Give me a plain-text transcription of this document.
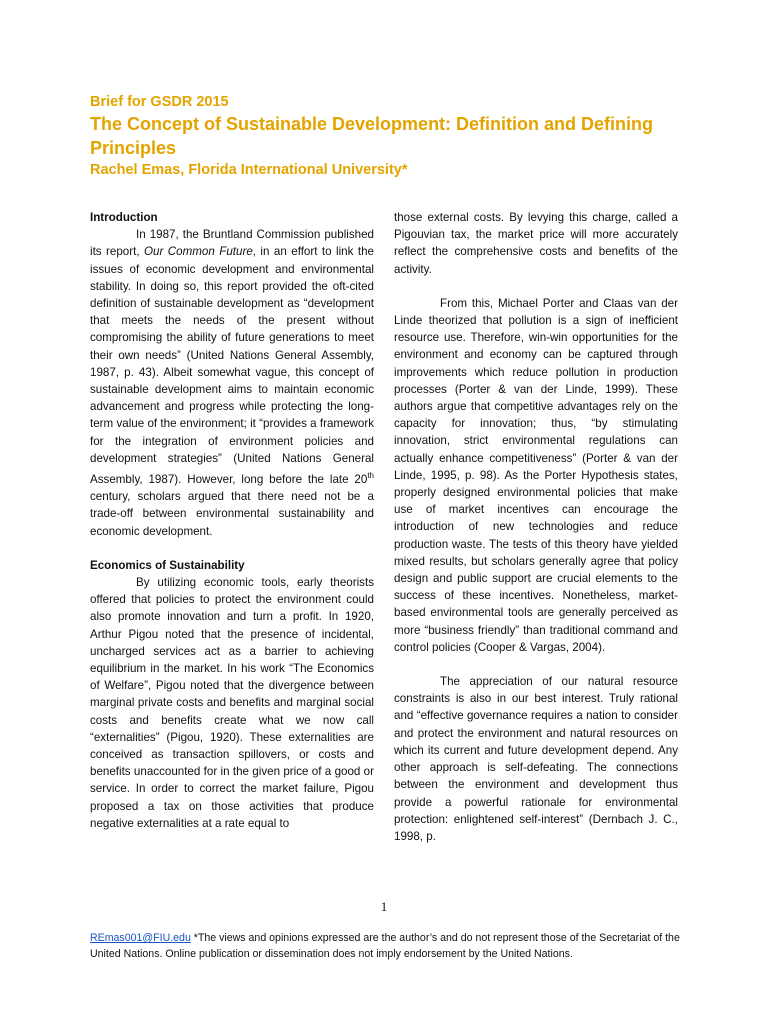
Brief for GSDR 2015
The Concept of Sustainable Development: Definition and Defining Principles
Rachel Emas, Florida International University*

Introduction

In 1987, the Bruntland Commission published its report, Our Common Future, in an effort to link the issues of economic development and environmental stability. In doing so, this report provided the oft-cited definition of sustainable development as “development that meets the needs of the present without compromising the ability of future generations to meet their own needs” (United Nations General Assembly, 1987, p. 43). Albeit somewhat vague, this concept of sustainable development aims to maintain economic advancement and progress while protecting the long-term value of the environment; it “provides a framework for the integration of environment policies and development strategies” (United Nations General Assembly, 1987). However, long before the late 20th century, scholars argued that there need not be a trade-off between environmental sustainability and economic development.

Economics of Sustainability

By utilizing economic tools, early theorists offered that policies to protect the environment could also promote innovation and turn a profit. In 1920, Arthur Pigou noted that the presence of incidental, uncharged services act as a barrier to achieving equilibrium in the market. In his work “The Economics of Welfare”, Pigou noted that the divergence between marginal private costs and benefits and marginal social costs and benefits create what we now call “externalities” (Pigou, 1920). These externalities are conceived as transaction spillovers, or costs and benefits unaccounted for in the given price of a good or service. In order to correct the market failure, Pigou proposed a tax on those activities that produce negative externalities at a rate equal to

those external costs. By levying this charge, called a Pigouvian tax, the market price will more accurately reflect the comprehensive costs and benefits of the activity.

From this, Michael Porter and Claas van der Linde theorized that pollution is a sign of inefficient resource use. Therefore, win-win opportunities for the environment and economy can be captured through improvements which reduce pollution in production processes (Porter & van der Linde, 1999). These authors argue that competitive advantages rely on the capacity for innovation; thus, “by stimulating innovation, strict environmental regulations can actually enhance competitiveness” (Porter & van der Linde, 1995, p. 98). As the Porter Hypothesis states, properly designed environmental policies that make use of market incentives can encourage the introduction of new technologies and reduce production waste. The tests of this theory have yielded mixed results, but scholars generally agree that policy design and public support are crucial elements to the success of these incentives. Nonetheless, market-based environmental tools are generally perceived as more “business friendly” than traditional command and control policies (Cooper & Vargas, 2004).

The appreciation of our natural resource constraints is also in our best interest. Truly rational and “effective governance requires a nation to consider and protect the environment and natural resources on which its current and future development depend. Any other approach is self-defeating. The connections between the environment and development thus provide a powerful rationale for environmental protection: enlightened self-interest” (Dernbach J. C., 1998, p.

1
REmas001@FIU.edu *The views and opinions expressed are the author’s and do not represent those of the Secretariat of the United Nations. Online publication or dissemination does not imply endorsement by the United Nations.
